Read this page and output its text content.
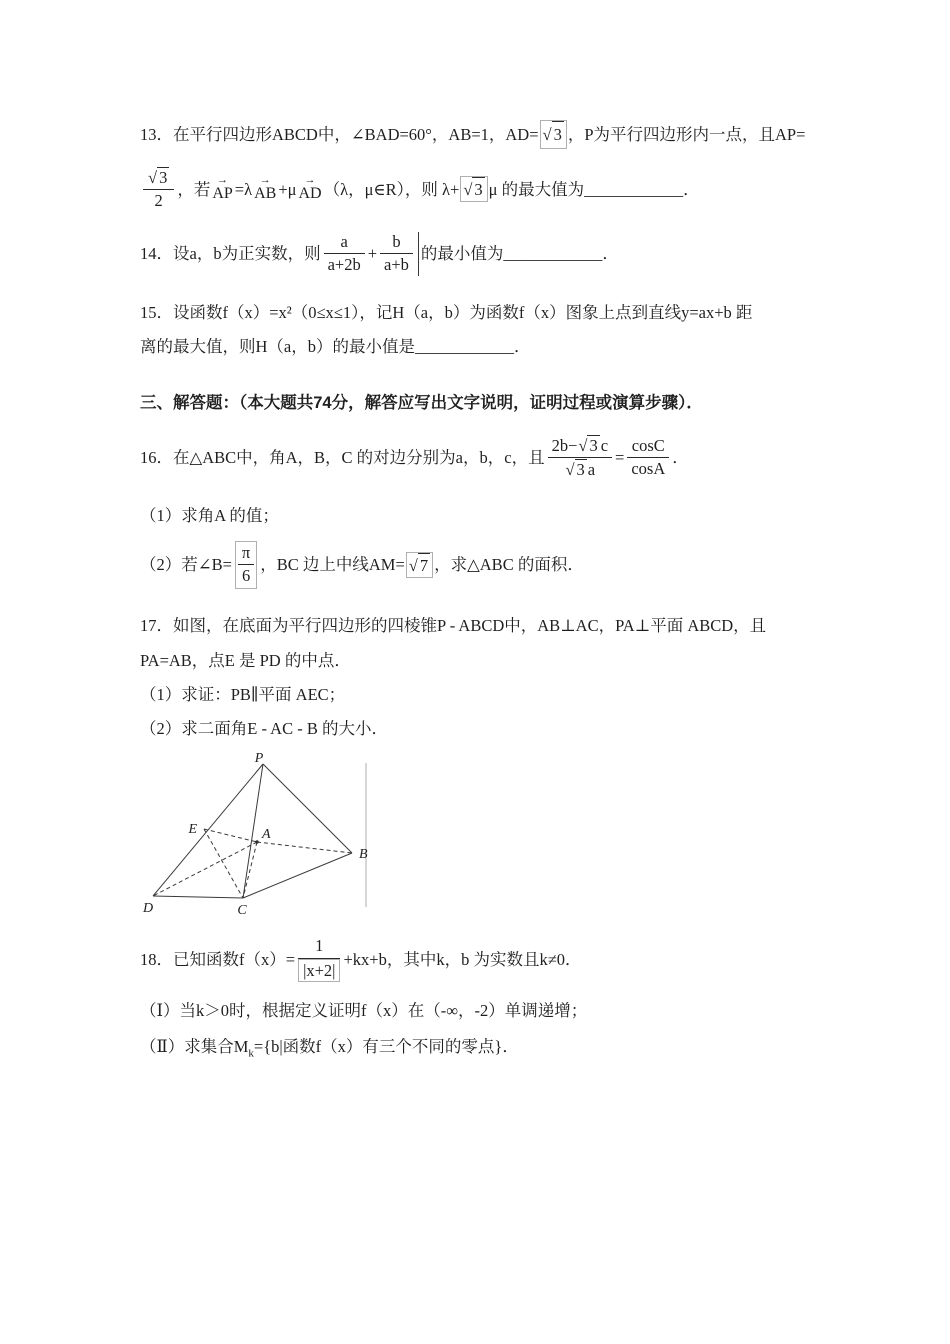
13．在平行四边形ABCD中，∠BAD=60°，AB=1，AD= √ 3 ，P为平行四边形内一点，且AP=
$\frac{√ 3}{2}$ ，若 →
AP =λ →
AB +μ →
AD （λ，μ∈R），则 λ+ √ 3 μ 的最大值为 ____________ ．
14．设a，b为正实数，则 $\frac{a}{a+2b} + \frac{b}{a+b}$ 的最小值为 ____________ ．
15．设函数f（x）=x²（0≤x≤1），记H（a，b）为函数f（x）图象上点到直线y=ax+b 距
离的最大值，则H（a，b）的最小值是____________．
三、解答题：（本大题共74分，解答应写出文字说明，证明过程或演算步骤）．
16．在△ABC中，角A，B，C 的对边分别为a，b，c，且 $\frac{2b-√ 3 c}{√ 3 a} = \frac{\cos C}{\cos A}$ ．
（1）求角A 的值；
（2）若∠B= $\frac{\pi}{6}$ ，BC 边上中线AM= √ 7 ，求△ABC 的面积．
17．如图，在底面为平行四边形的四棱锥P - ABCD中，AB⊥AC，PA⊥平面 ABCD，且
PA=AB，点E 是 PD 的中点．
（1）求证：PB∥平面 AEC；
（2）求二面角E - AC - B 的大小．
P
E	A
B
C
D
18．已知函数$f(x)= \frac{1}{|x+2|} +kx+b$，其中k，b 为实数且k≠0．
（Ⅰ）当k＞0时，根据定义证明f（x）在（-∞，-2）单调递增；
（Ⅱ）求集合$M_k=\{b|$函数f（x）有三个不同的零点}．
